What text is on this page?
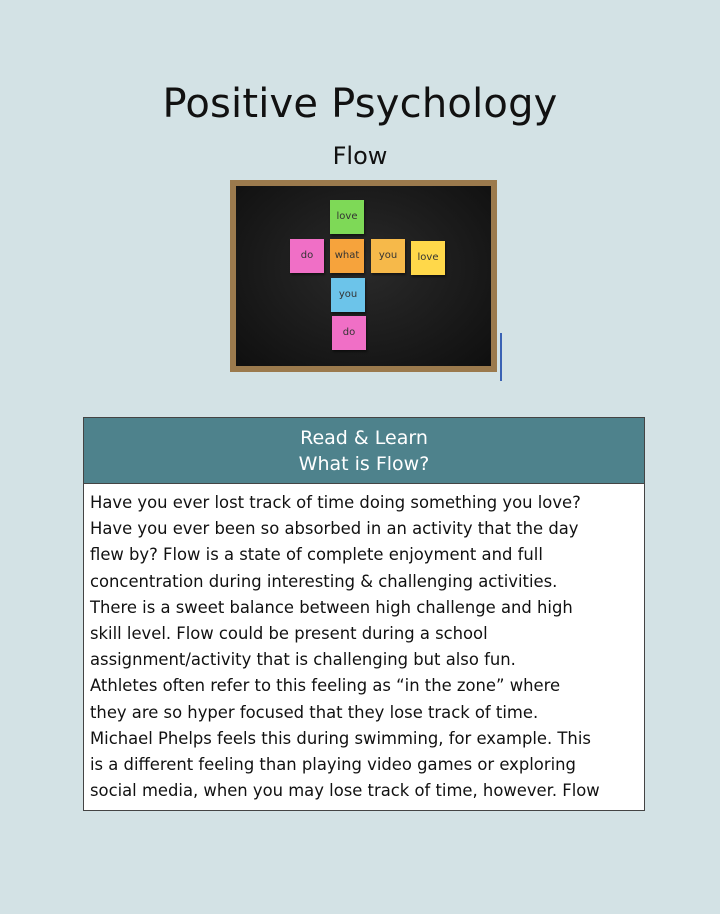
Positive Psychology
Flow
love
do	what	you	love
you
do
Read & Learn
What is Flow?
Have you ever lost track of time doing something you love?
Have you ever been so absorbed in an activity that the day
flew by? Flow is a state of complete enjoyment and full
concentration during interesting & challenging activities.
There is a sweet balance between high challenge and high
skill level. Flow could be present during a school
assignment/activity that is challenging but also fun.
Athletes often refer to this feeling as “in the zone” where
they are so hyper focused that they lose track of time.
Michael Phelps feels this during swimming, for example. This
is a different feeling than playing video games or exploring
social media, when you may lose track of time, however. Flow
